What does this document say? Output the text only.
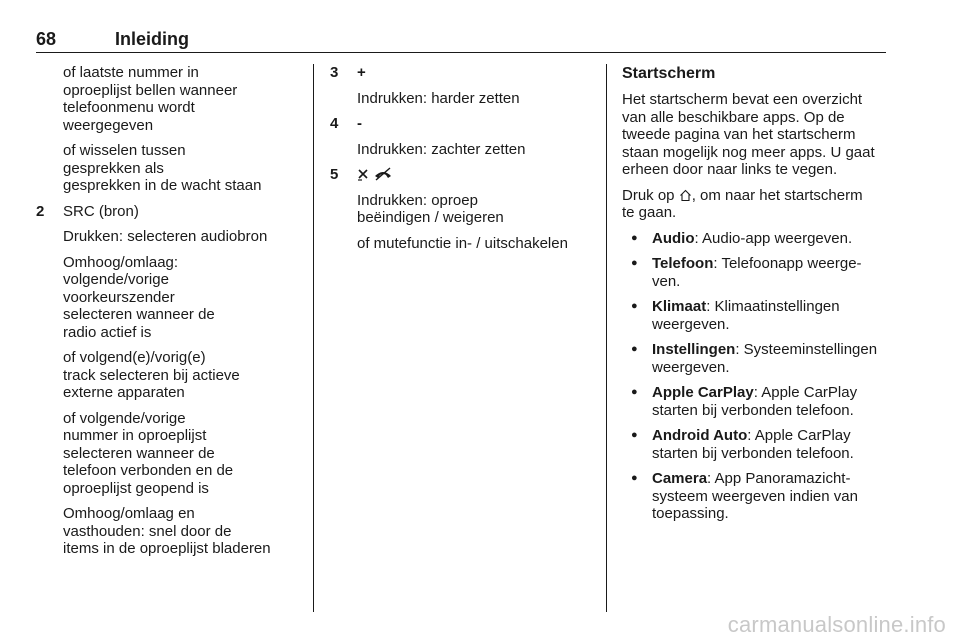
68	Inleiding

of laatste nummer in
oproeplijst bellen wanneer
telefoonmenu wordt
weergegeven

of wisselen tussen
gesprekken als
gesprekken in de wacht staan

2 SRC (bron)

Drukken: selecteren audiobron

Omhoog/omlaag:
volgende/vorige
voorkeurszender
selecteren wanneer de
radio actief is

of volgend(e)/vorig(e)
track selecteren bij actieve
externe apparaten

of volgende/vorige
nummer in oproeplijst
selecteren wanneer de
telefoon verbonden en de
oproeplijst geopend is

Omhoog/omlaag en
vasthouden: snel door de
items in de oproeplijst bladeren

3 +

Indrukken: harder zetten

4 -

Indrukken: zachter zetten

5

Indrukken: oproep
beëindigen / weigeren

of mutefunctie in- / uitschakelen

Startscherm

Het startscherm bevat een overzicht
van alle beschikbare apps. Op de
tweede pagina van het startscherm
staan mogelijk nog meer apps. U gaat
erheen door naar links te vegen.

Druk op , om naar het startscherm
te gaan.

● Audio: Audio-app weergeven.
● Telefoon: Telefoonapp weerge-
ven.
● Klimaat: Klimaatinstellingen
weergeven.
● Instellingen: Systeeminstellingen
weergeven.
● Apple CarPlay: Apple CarPlay
starten bij verbonden telefoon.
● Android Auto: Apple CarPlay
starten bij verbonden telefoon.
● Camera: App Panoramazicht-
systeem weergeven indien van
toepassing.
carmanualsonline.info
